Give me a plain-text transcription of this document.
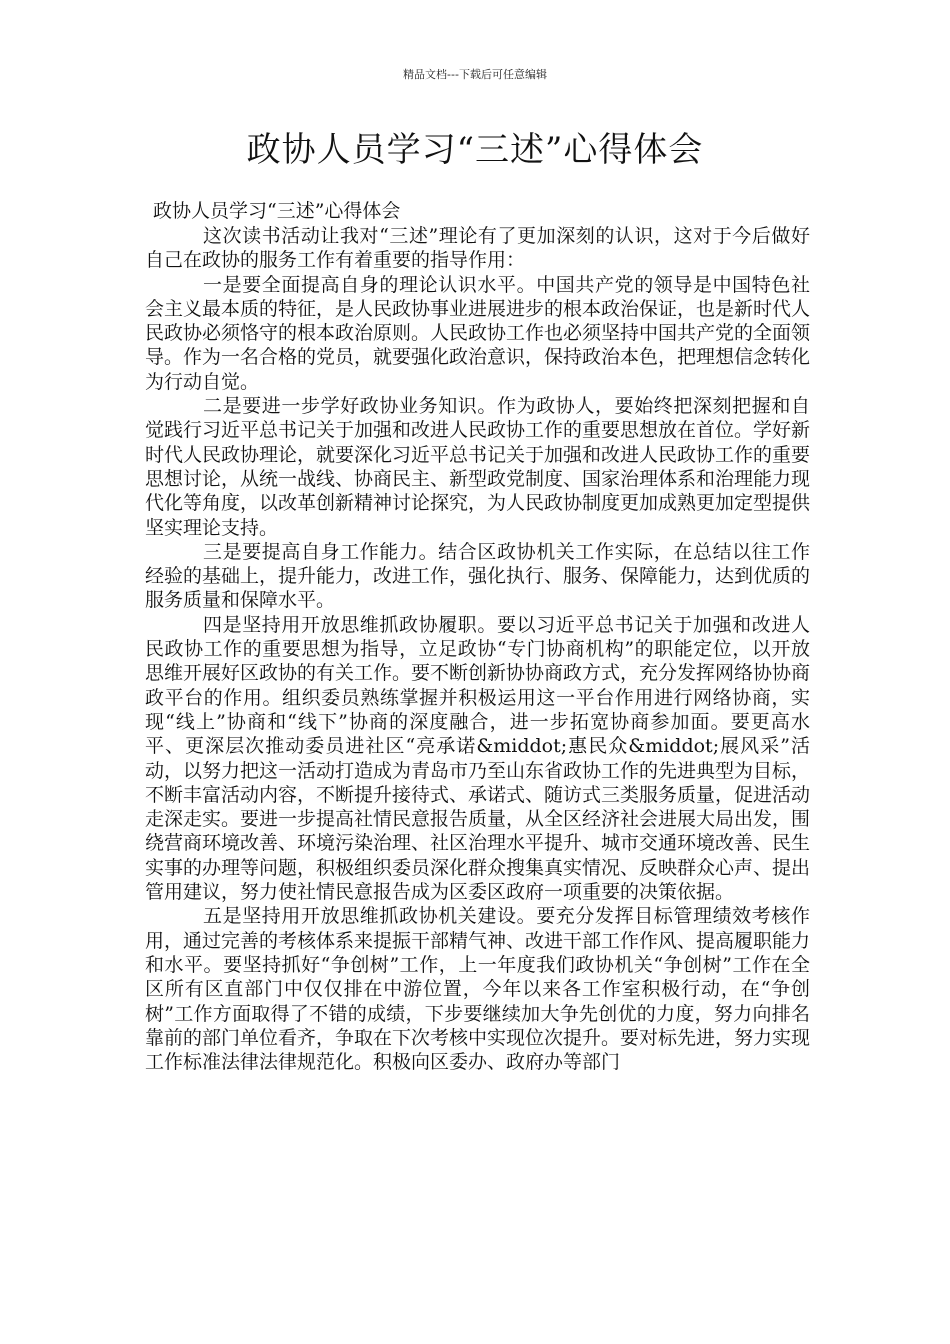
精品文档---下载后可任意编辑
政协人员学习“三述”心得体会
政协人员学习“三述”心得体会

这次读书活动让我对“三述”理论有了更加深刻的认识，这对于今后做好自己在政协的服务工作有着重要的指导作用：

一是要全面提高自身的理论认识水平。中国共产党的领导是中国特色社会主义最本质的特征，是人民政协事业进展进步的根本政治保证，也是新时代人民政协必须恪守的根本政治原则。人民政协工作也必须坚持中国共产党的全面领导。作为一名合格的党员，就要强化政治意识，保持政治本色，把理想信念转化为行动自觉。

二是要进一步学好政协业务知识。作为政协人，要始终把深刻把握和自觉践行习近平总书记关于加强和改进人民政协工作的重要思想放在首位。学好新时代人民政协理论，就要深化习近平总书记关于加强和改进人民政协工作的重要思想讨论，从统一战线、协商民主、新型政党制度、国家治理体系和治理能力现代化等角度，以改革创新精神讨论探究，为人民政协制度更加成熟更加定型提供坚实理论支持。

三是要提高自身工作能力。结合区政协机关工作实际，在总结以往工作经验的基础上，提升能力，改进工作，强化执行、服务、保障能力，达到优质的服务质量和保障水平。

四是坚持用开放思维抓政协履职。要以习近平总书记关于加强和改进人民政协工作的重要思想为指导，立足政协“专门协商机构”的职能定位，以开放思维开展好区政协的有关工作。要不断创新协协商政方式，充分发挥网络协协商政平台的作用。组织委员熟练掌握并积极运用这一平台作用进行网络协商，实现“线上”协商和“线下”协商的深度融合，进一步拓宽协商参加面。要更高水平、更深层次推动委员进社区“亮承诺&middot;惠民众&middot;展风采”活动，以努力把这一活动打造成为青岛市乃至山东省政协工作的先进典型为目标，不断丰富活动内容，不断提升接待式、承诺式、随访式三类服务质量，促进活动走深走实。要进一步提高社情民意报告质量，从全区经济社会进展大局出发，围绕营商环境改善、环境污染治理、社区治理水平提升、城市交通环境改善、民生实事的办理等问题，积极组织委员深化群众搜集真实情况、反映群众心声、提出管用建议，努力使社情民意报告成为区委区政府一项重要的决策依据。

五是坚持用开放思维抓政协机关建设。要充分发挥目标管理绩效考核作用，通过完善的考核体系来提振干部精气神、改进干部工作作风、提高履职能力和水平。要坚持抓好“争创树”工作，上一年度我们政协机关“争创树”工作在全区所有区直部门中仅仅排在中游位置，今年以来各工作室积极行动，在“争创树”工作方面取得了不错的成绩，下步要继续加大争先创优的力度，努力向排名靠前的部门单位看齐，争取在下次考核中实现位次提升。要对标先进，努力实现工作标准法律法律规范化。积极向区委办、政府办等部门
